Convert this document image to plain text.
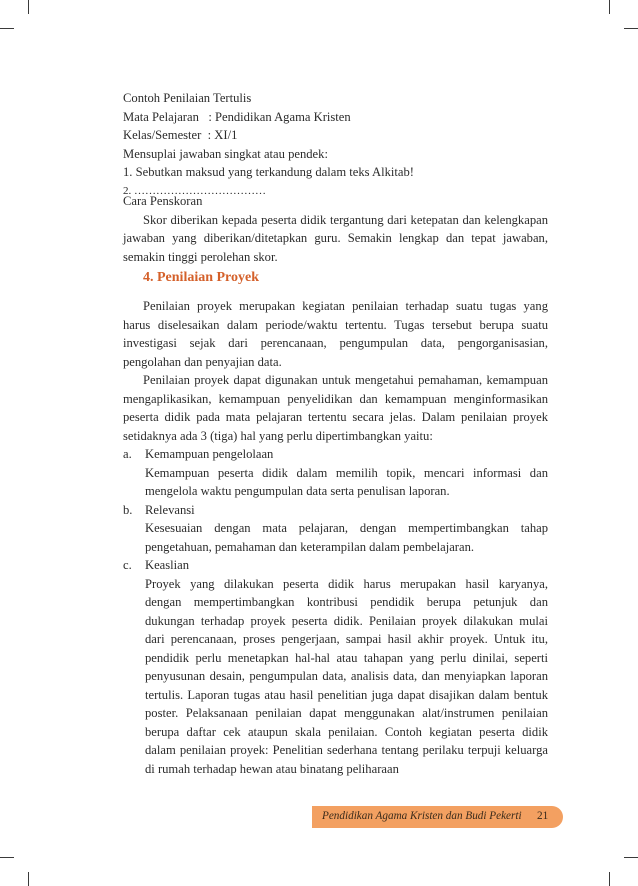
Contoh Penilaian Tertulis
Mata Pelajaran   : Pendidikan Agama Kristen
Kelas/Semester  : XI/1
Mensuplai jawaban singkat atau pendek:
1. Sebutkan maksud yang terkandung dalam teks Alkitab!
2. ………………………………
Cara Penskoran
Skor diberikan kepada peserta didik tergantung dari ketepatan dan kelengkapan
jawaban yang diberikan/ditetapkan guru. Semakin lengkap dan tepat jawaban,
semakin tinggi perolehan skor.
4. Penilaian Proyek
Penilaian proyek merupakan kegiatan penilaian terhadap suatu tugas yang
harus diselesaikan dalam periode/waktu tertentu. Tugas tersebut berupa suatu
investigasi sejak dari perencanaan, pengumpulan data, pengorganisasian,
pengolahan dan penyajian data.
Penilaian proyek dapat digunakan untuk mengetahui pemahaman, kemampuan
mengaplikasikan, kemampuan penyelidikan dan kemampuan menginformasikan
peserta didik pada mata pelajaran tertentu secara jelas. Dalam penilaian proyek
setidaknya ada 3 (tiga) hal yang perlu dipertimbangkan yaitu:
a. Kemampuan pengelolaan
Kemampuan peserta didik dalam memilih topik, mencari informasi dan
mengelola waktu pengumpulan data serta penulisan laporan.
b. Relevansi
Kesesuaian dengan mata pelajaran, dengan mempertimbangkan tahap
pengetahuan, pemahaman dan keterampilan dalam pembelajaran.
c. Keaslian
Proyek yang dilakukan peserta didik harus merupakan hasil karyanya,
dengan mempertimbangkan kontribusi pendidik berupa petunjuk dan
dukungan terhadap proyek peserta didik. Penilaian proyek dilakukan mulai
dari perencanaan, proses pengerjaan, sampai hasil akhir proyek. Untuk itu,
pendidik perlu menetapkan hal-hal atau tahapan yang perlu dinilai, seperti
penyusunan desain, pengumpulan data, analisis data, dan menyiapkan laporan
tertulis. Laporan tugas atau hasil penelitian juga dapat disajikan dalam bentuk
poster. Pelaksanaan penilaian dapat menggunakan alat/instrumen penilaian
berupa daftar cek ataupun skala penilaian. Contoh kegiatan peserta didik
dalam penilaian proyek: Penelitian sederhana tentang perilaku terpuji keluarga
di rumah terhadap hewan atau binatang peliharaan
Pendidikan Agama Kristen dan Budi Pekerti 21
